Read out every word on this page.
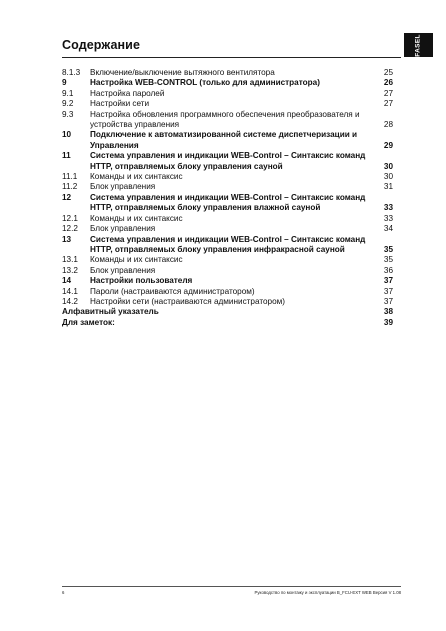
Содержание	FASEL
8.1.3	Включение/выключение вытяжного вентилятора	25
9	Настройка WEB-CONTROL (только для администратора)	26
9.1	Настройка паролей	27
9.2	Настройки сети	27
9.3 Настройка обновления программного обеспечения преобразователя и
устройства управления	28
10 Подключение к автоматизированной системе диспетчеризации и
Управления	29
11 Система управления и индикации WEB-Control – Синтаксис команд
HTTP, отправляемых блоку управления сауной	30
11.1	Команды и их синтаксис	30
11.2	Блок управления	31
12 Система управления и индикации WEB-Control – Синтаксис команд
HTTP, отправляемых блоку управления влажной сауной	33
12.1	Команды и их синтаксис	33
12.2	Блок управления	34
13 Система управления и индикации WEB-Control – Синтаксис команд
HTTP, отправляемых блоку управления инфракрасной сауной	35
13.1	Команды и их синтаксис	35
13.2	Блок управления	36
14	Настройки пользователя	37
14.1	Пароли (настраиваются администратором)	37
14.2	Настройки сети (настраиваются администратором)	37
Алфавитный указатель	38
Для заметок:	39
6	Руководство по монтажу и эксплуатации B_FCU-EXT WEB Версия V 1.08
